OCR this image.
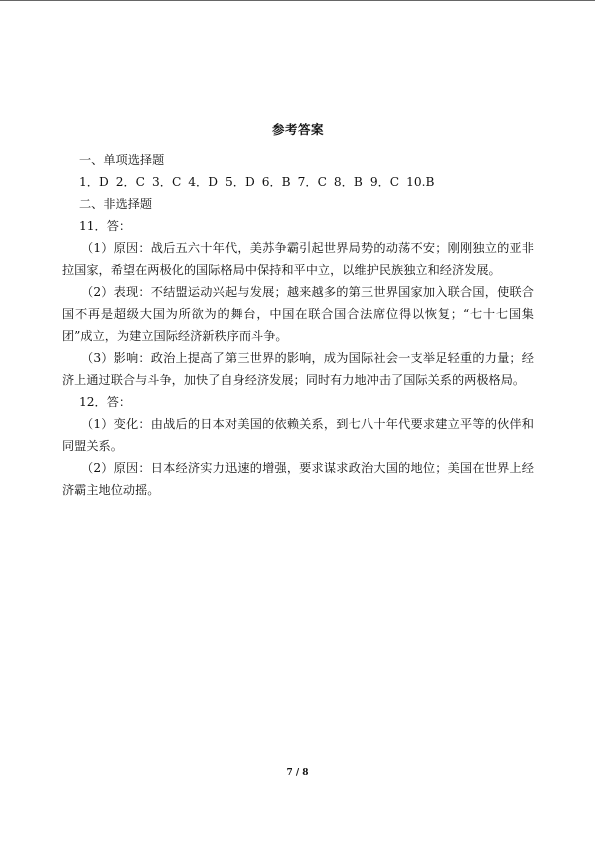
参考答案
一、单项选择题
1．D 2．C 3．C 4．D 5．D 6．B 7．C 8．B 9．C 10.B
二、非选择题
11．答：
（1）原因：战后五六十年代，美苏争霸引起世界局势的动荡不安；刚刚独立的亚非拉国家，希望在两极化的国际格局中保持和平中立，以维护民族独立和经济发展。
（2）表现：不结盟运动兴起与发展；越来越多的第三世界国家加入联合国，使联合国不再是超级大国为所欲为的舞台，中国在联合国合法席位得以恢复；“七十七国集团”成立，为建立国际经济新秩序而斗争。
（3）影响：政治上提高了第三世界的影响，成为国际社会一支举足轻重的力量；经济上通过联合与斗争，加快了自身经济发展；同时有力地冲击了国际关系的两极格局。
12．答：
（1）变化：由战后的日本对美国的依赖关系，到七八十年代要求建立平等的伙伴和同盟关系。
（2）原因：日本经济实力迅速的增强，要求谋求政治大国的地位；美国在世界上经济霸主地位动摇。
7 / 8
